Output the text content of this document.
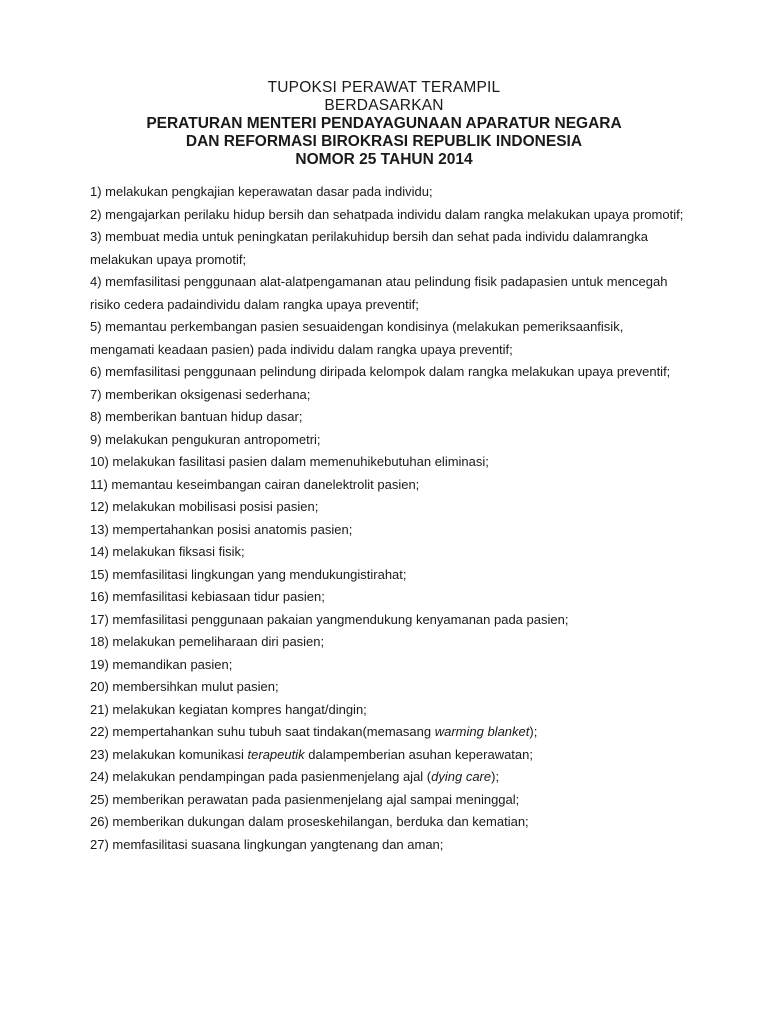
TUPOKSI PERAWAT TERAMPIL
BERDASARKAN
PERATURAN MENTERI PENDAYAGUNAAN APARATUR NEGARA
DAN REFORMASI BIROKRASI REPUBLIK INDONESIA
NOMOR 25 TAHUN 2014

1) melakukan pengkajian keperawatan dasar pada individu;

2) mengajarkan perilaku hidup bersih dan sehatpada individu dalam rangka melakukan upaya promotif;

3) membuat media untuk peningkatan perilakuhidup bersih dan sehat pada individu dalamrangka melakukan upaya promotif;

4) memfasilitasi penggunaan alat-alatpengamanan atau pelindung fisik padapasien untuk mencegah risiko cedera padaindividu dalam rangka upaya preventif;

5) memantau perkembangan pasien sesuaidengan kondisinya (melakukan pemeriksaanfisik, mengamati keadaan pasien) pada individu dalam rangka upaya preventif;

6) memfasilitasi penggunaan pelindung diripada kelompok dalam rangka melakukan upaya preventif;

7) memberikan oksigenasi sederhana;

8) memberikan bantuan hidup dasar;

9) melakukan pengukuran antropometri;

10) melakukan fasilitasi pasien dalam memenuhikebutuhan eliminasi;

11) memantau keseimbangan cairan danelektrolit pasien;

12) melakukan mobilisasi posisi pasien;

13) mempertahankan posisi anatomis pasien;

14) melakukan fiksasi fisik;

15) memfasilitasi lingkungan yang mendukungistirahat;

16) memfasilitasi kebiasaan tidur pasien;

17) memfasilitasi penggunaan pakaian yangmendukung kenyamanan pada pasien;

18) melakukan pemeliharaan diri pasien;

19) memandikan pasien;

20) membersihkan mulut pasien;

21) melakukan kegiatan kompres hangat/dingin;

22) mempertahankan suhu tubuh saat tindakan(memasang warming blanket);

23) melakukan komunikasi terapeutik dalampemberian asuhan keperawatan;

24) melakukan pendampingan pada pasienmenjelang ajal (dying care);

25) memberikan perawatan pada pasienmenjelang ajal sampai meninggal;

26) memberikan dukungan dalam proseskehilangan, berduka dan kematian;

27) memfasilitasi suasana lingkungan yangtenang dan aman;
